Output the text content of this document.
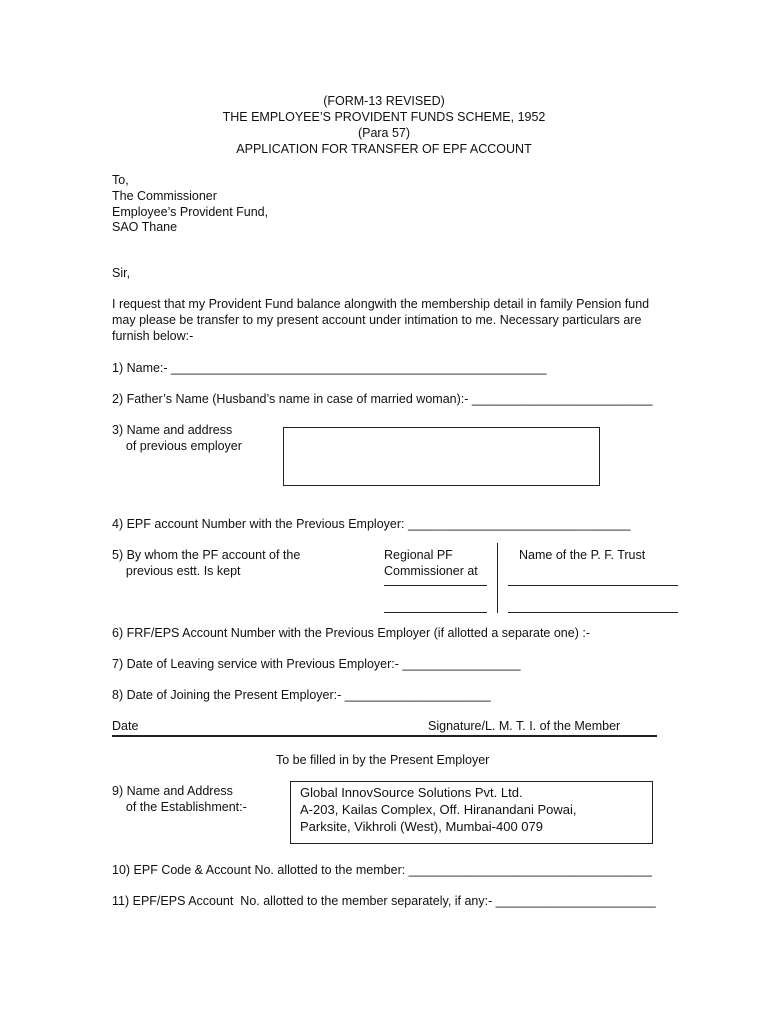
(FORM-13 REVISED)
THE EMPLOYEE’S PROVIDENT FUNDS SCHEME, 1952
(Para 57)
APPLICATION FOR TRANSFER OF EPF ACCOUNT
To,
The Commissioner
Employee’s Provident Fund,
SAO Thane
Sir,
I request that my Provident Fund balance alongwith the membership detail in family Pension fund
may please be transfer to my present account under intimation to me. Necessary particulars are
furnish below:-
1) Name:- ______________________________________________________
2) Father’s Name (Husband’s name in case of married woman):- __________________________
3) Name and address
of previous employer
4) EPF account Number with the Previous Employer: ________________________________
5) By whom the PF account of the
previous estt. Is kept
Regional PF
Commissioner at
Name of the P. F. Trust
6) FRF/EPS Account Number with the Previous Employer (if allotted a separate one) :-
7) Date of Leaving service with Previous Employer:- _________________
8) Date of Joining the Present Employer:- _____________________
Date	Signature/L. M. T. I. of the Member
To be filled in by the Present Employer
9) Name and Address
of the Establishment:-
Global InnovSource Solutions Pvt. Ltd.
A-203, Kailas Complex, Off. Hiranandani Powai,
Parksite, Vikhroli (West), Mumbai-400 079
10) EPF Code & Account No. allotted to the member: ___________________________________
11) EPF/EPS Account  No. allotted to the member separately, if any:- _______________________
